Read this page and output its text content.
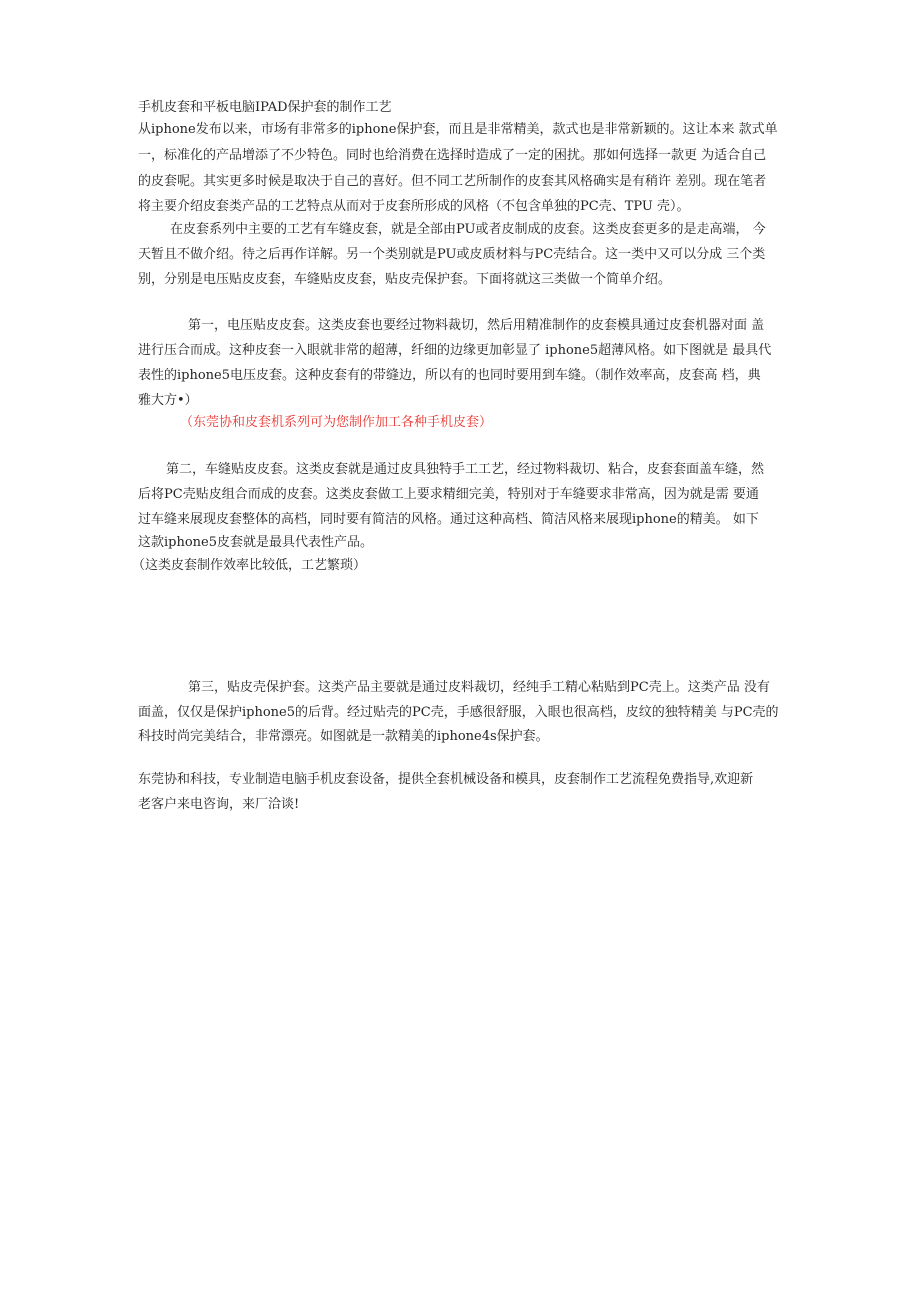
手机皮套和平板电脑IPAD保护套的制作工艺
从iphone发布以来，市场有非常多的iphone保护套，而且是非常精美，款式也是非常新颖的。这让本来 款式单
一，标准化的产品增添了不少特色。同时也给消费在选择时造成了一定的困扰。那如何选择一款更 为适合自己
的皮套呢。其实更多时候是取决于自己的喜好。但不同工艺所制作的皮套其风格确实是有稍许 差别。现在笔者
将主要介绍皮套类产品的工艺特点从而对于皮套所形成的风格（不包含单独的PC壳、TPU 壳）。
在皮套系列中主要的工艺有车缝皮套，就是全部由PU或者皮制成的皮套。这类皮套更多的是走高端， 今
天暂且不做介绍。待之后再作详解。另一个类别就是PU或皮质材料与PC壳结合。这一类中又可以分成 三个类
别，分别是电压贴皮皮套，车缝贴皮皮套，贴皮壳保护套。下面将就这三类做一个简单介绍。
第一，电压贴皮皮套。这类皮套也要经过物料裁切，然后用精准制作的皮套模具通过皮套机器对面 盖
进行压合而成。这种皮套一入眼就非常的超薄，纤细的边缘更加彰显了 iphone5超薄风格。如下图就是 最具代
表性的iphone5电压皮套。这种皮套有的带缝边，所以有的也同时要用到车缝。（制作效率高，皮套高 档，典
雅大方•）
（东莞协和皮套机系列可为您制作加工各种手机皮套）
第二，车缝贴皮皮套。这类皮套就是通过皮具独特手工工艺，经过物料裁切、粘合，皮套套面盖车缝，然
后将PC壳贴皮组合而成的皮套。这类皮套做工上要求精细完美，特别对于车缝要求非常高，因为就是需 要通
过车缝来展现皮套整体的高档，同时要有简洁的风格。通过这种高档、简洁风格来展现iphone的精美。 如下
这款iphone5皮套就是最具代表性产品。
（这类皮套制作效率比较低，工艺繁琐）
第三，贴皮壳保护套。这类产品主要就是通过皮料裁切，经纯手工精心粘贴到PC壳上。这类产品 没有
面盖，仅仅是保护iphone5的后背。经过贴壳的PC壳，手感很舒服，入眼也很高档，皮纹的独特精美 与PC壳的
科技时尚完美结合，非常漂亮。如图就是一款精美的iphone4s保护套。
东莞协和科技，专业制造电脑手机皮套设备，提供全套机械设备和模具，皮套制作工艺流程免费指导,欢迎新
老客户来电咨询，来厂洽谈!
